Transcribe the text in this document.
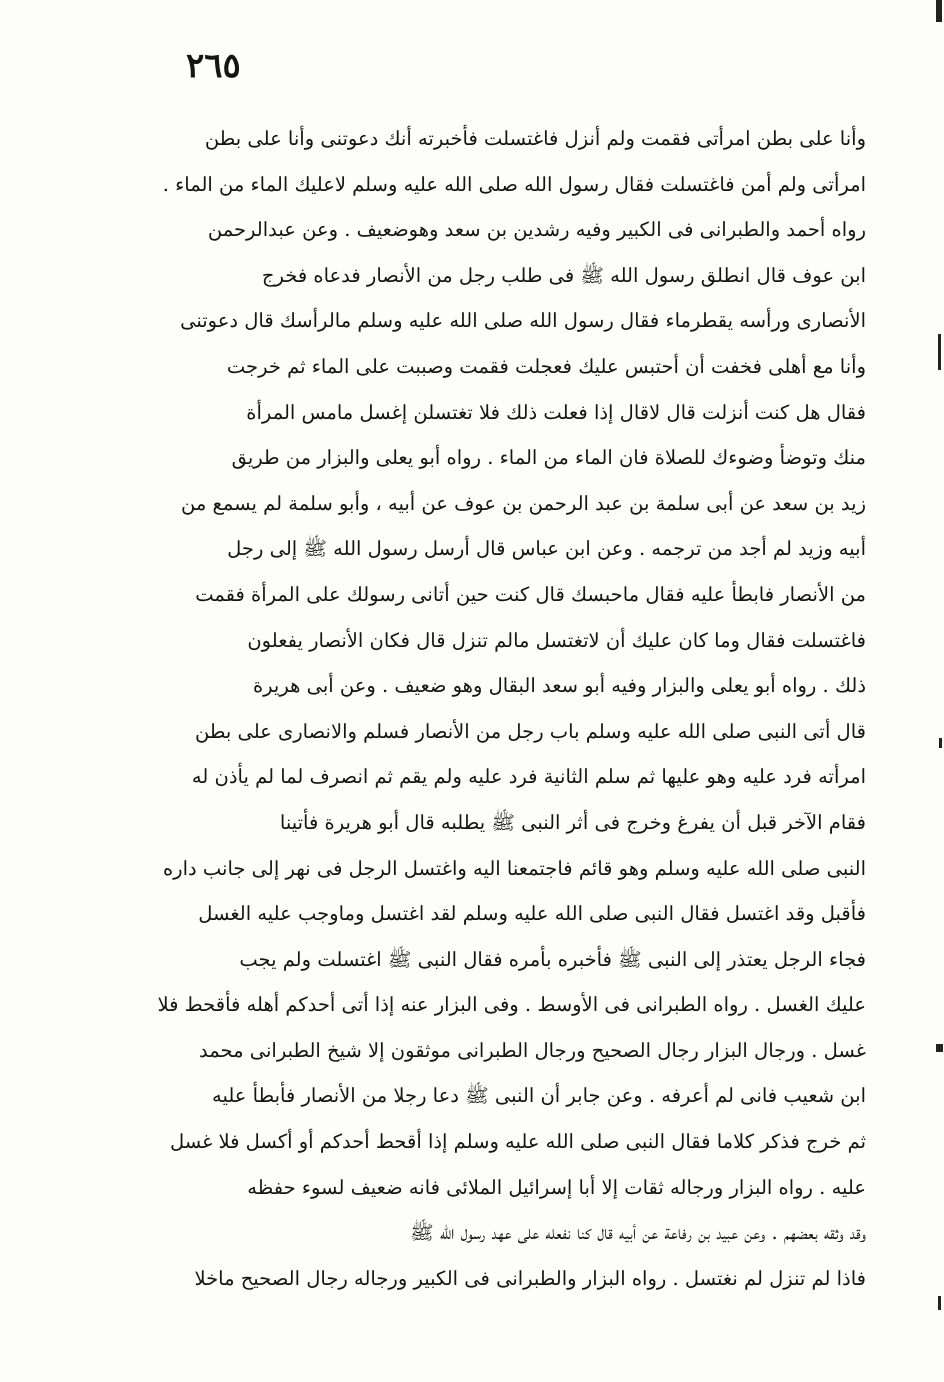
٢٦٥
وأنا على بطن امرأتى فقمت ولم أنزل فاغتسلت فأخبرته أنك دعوتنى وأنا على بطن
امرأتى ولم أمن فاغتسلت فقال رسول الله صلى الله عليه وسلم لاعليك الماء من الماء .
رواه أحمد والطبرانى فى الكبير وفيه رشدين بن سعد وهوضعيف . وعن عبدالرحمن
ابن عوف قال انطلق رسول الله ﷺ فى طلب رجل من الأنصار فدعاه فخرج
الأنصارى ورأسه يقطرماء فقال رسول الله صلى الله عليه وسلم مالرأسك قال دعوتنى
وأنا مع أهلى فخفت أن أحتبس عليك فعجلت فقمت وصببت على الماء ثم خرجت
فقال هل كنت أنزلت قال لاقال إذا فعلت ذلك فلا تغتسلن إغسل مامس المرأة
منك وتوضأ وضوءك للصلاة فان الماء من الماء . رواه أبو يعلى والبزار من طريق
زيد بن سعد عن أبى سلمة بن عبد الرحمن بن عوف عن أبيه ، وأبو سلمة لم يسمع من
أبيه وزيد لم أجد من ترجمه . وعن ابن عباس قال أرسل رسول الله ﷺ إلى رجل
من الأنصار فابطأ عليه فقال ماحبسك قال كنت حين أتانى رسولك على المرأة فقمت
فاغتسلت فقال وما كان عليك أن لاتغتسل مالم تنزل قال فكان الأنصار يفعلون
ذلك . رواه أبو يعلى والبزار وفيه أبو سعد البقال وهو ضعيف . وعن أبى هريرة
قال أتى النبى صلى الله عليه وسلم باب رجل من الأنصار فسلم والانصارى على بطن
امرأته فرد عليه وهو عليها ثم سلم الثانية فرد عليه ولم يقم ثم انصرف لما لم يأذن له
فقام الآخر قبل أن يفرغ وخرج فى أثر النبى ﷺ يطلبه قال أبو هريرة فأتينا
النبى صلى الله عليه وسلم وهو قائم فاجتمعنا اليه واغتسل الرجل فى نهر إلى جانب داره
فأقبل وقد اغتسل فقال النبى صلى الله عليه وسلم لقد اغتسل وماوجب عليه الغسل
فجاء الرجل يعتذر إلى النبى ﷺ فأخبره بأمره فقال النبى ﷺ اغتسلت ولم يجب
عليك الغسل . رواه الطبرانى فى الأوسط . وفى البزار عنه إذا أتى أحدكم أهله فأقحط فلا
غسل . ورجال البزار رجال الصحيح ورجال الطبرانى موثقون إلا شيخ الطبرانى محمد
ابن شعيب فانى لم أعرفه . وعن جابر أن النبى ﷺ دعا رجلا من الأنصار فأبطأ عليه
ثم خرج فذكر كلاما فقال النبى صلى الله عليه وسلم إذا أقحط أحدكم أو أكسل فلا غسل
عليه . رواه البزار ورجاله ثقات إلا أبا إسرائيل الملائى فانه ضعيف لسوء حفظه
وقد وثقه بعضهم . وعن عبيد بن رفاعة عن أبيه قال كنا نفعله على عهد رسول الله ﷺ
فاذا لم تنزل لم نغتسل . رواه البزار والطبرانى فى الكبير ورجاله رجال الصحيح ماخلا
